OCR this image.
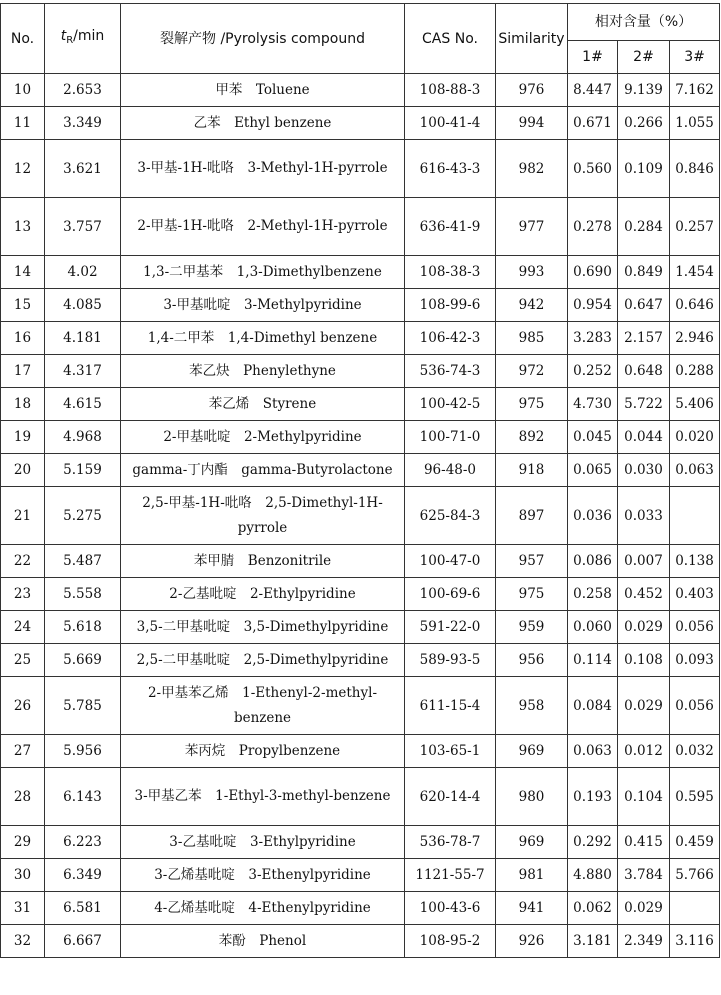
No.	$t_R/\min$	裂解产物 /Pyrolysis compound	CAS No.	Similarity	相对含量（%）		
					1#	2#	3#
10	2.653	甲苯　Toluene	108-88-3	976	8.447	9.139	7.162
11	3.349	乙苯　Ethyl benzene	100-41-4	994	0.671	0.266	1.055
12	3.621	3-甲基-1H-吡咯　3-Methyl-1H-pyrrole	616-43-3	982	0.560	0.109	0.846
13	3.757	2-甲基-1H-吡咯　2-Methyl-1H-pyrrole	636-41-9	977	0.278	0.284	0.257
14	4.02	1,3-二甲基苯　1,3-Dimethylbenzene	108-38-3	993	0.690	0.849	1.454
15	4.085	3-甲基吡啶　3-Methylpyridine	108-99-6	942	0.954	0.647	0.646
16	4.181	1,4-二甲苯　1,4-Dimethyl benzene	106-42-3	985	3.283	2.157	2.946
17	4.317	苯乙炔　Phenylethyne	536-74-3	972	0.252	0.648	0.288
18	4.615	苯乙烯　Styrene	100-42-5	975	4.730	5.722	5.406
19	4.968	2-甲基吡啶　2-Methylpyridine	100-71-0	892	0.045	0.044	0.020
20	5.159	gamma-丁内酯　gamma-Butyrolactone	96-48-0	918	0.065	0.030	0.063
21	5.275	2,5-甲基-1H-吡咯　2,5-Dimethyl-1H-pyrrole	625-84-3	897	0.036	0.033	
22	5.487	苯甲腈　Benzonitrile	100-47-0	957	0.086	0.007	0.138
23	5.558	2-乙基吡啶　2-Ethylpyridine	100-69-6	975	0.258	0.452	0.403
24	5.618	3,5-二甲基吡啶　3,5-Dimethylpyridine	591-22-0	959	0.060	0.029	0.056
25	5.669	2,5-二甲基吡啶　2,5-Dimethylpyridine	589-93-5	956	0.114	0.108	0.093
26	5.785	2-甲基苯乙烯　1-Ethenyl-2-methyl-benzene	611-15-4	958	0.084	0.029	0.056
27	5.956	苯丙烷　Propylbenzene	103-65-1	969	0.063	0.012	0.032
28	6.143	3-甲基乙苯　1-Ethyl-3-methyl-benzene	620-14-4	980	0.193	0.104	0.595
29	6.223	3-乙基吡啶　3-Ethylpyridine	536-78-7	969	0.292	0.415	0.459
30	6.349	3-乙烯基吡啶　3-Ethenylpyridine	1121-55-7	981	4.880	3.784	5.766
31	6.581	4-乙烯基吡啶　4-Ethenylpyridine	100-43-6	941	0.062	0.029	
32	6.667	苯酚　Phenol	108-95-2	926	3.181	2.349	3.116
